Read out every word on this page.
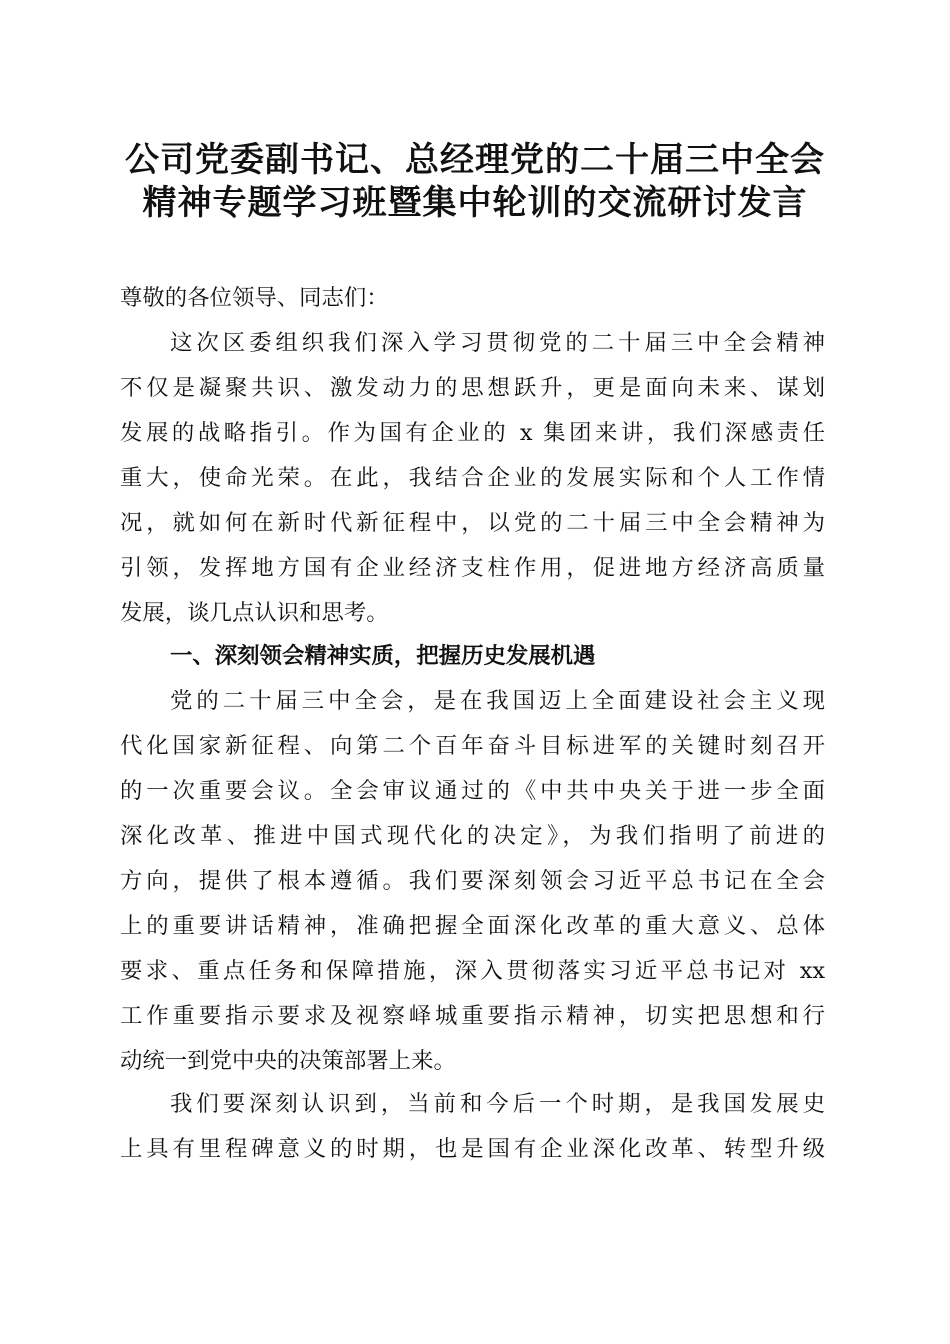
公司党委副书记、总经理党的二十届三中全会
精神专题学习班暨集中轮训的交流研讨发言
尊敬的各位领导、同志们：
这次区委组织我们深入学习贯彻党的二十届三中全会精神
不仅是凝聚共识、激发动力的思想跃升，更是面向未来、谋划
发展的战略指引。作为国有企业的 x 集团来讲，我们深感责任
重大，使命光荣。在此，我结合企业的发展实际和个人工作情
况，就如何在新时代新征程中，以党的二十届三中全会精神为
引领，发挥地方国有企业经济支柱作用，促进地方经济高质量
发展，谈几点认识和思考。
一、深刻领会精神实质，把握历史发展机遇
党的二十届三中全会，是在我国迈上全面建设社会主义现
代化国家新征程、向第二个百年奋斗目标进军的关键时刻召开
的一次重要会议。全会审议通过的《中共中央关于进一步全面
深化改革、推进中国式现代化的决定》，为我们指明了前进的
方向，提供了根本遵循。我们要深刻领会习近平总书记在全会
上的重要讲话精神，准确把握全面深化改革的重大意义、总体
要求、重点任务和保障措施，深入贯彻落实习近平总书记对 xx
工作重要指示要求及视察峄城重要指示精神，切实把思想和行
动统一到党中央的决策部署上来。
我们要深刻认识到，当前和今后一个时期，是我国发展史
上具有里程碑意义的时期，也是国有企业深化改革、转型升级
